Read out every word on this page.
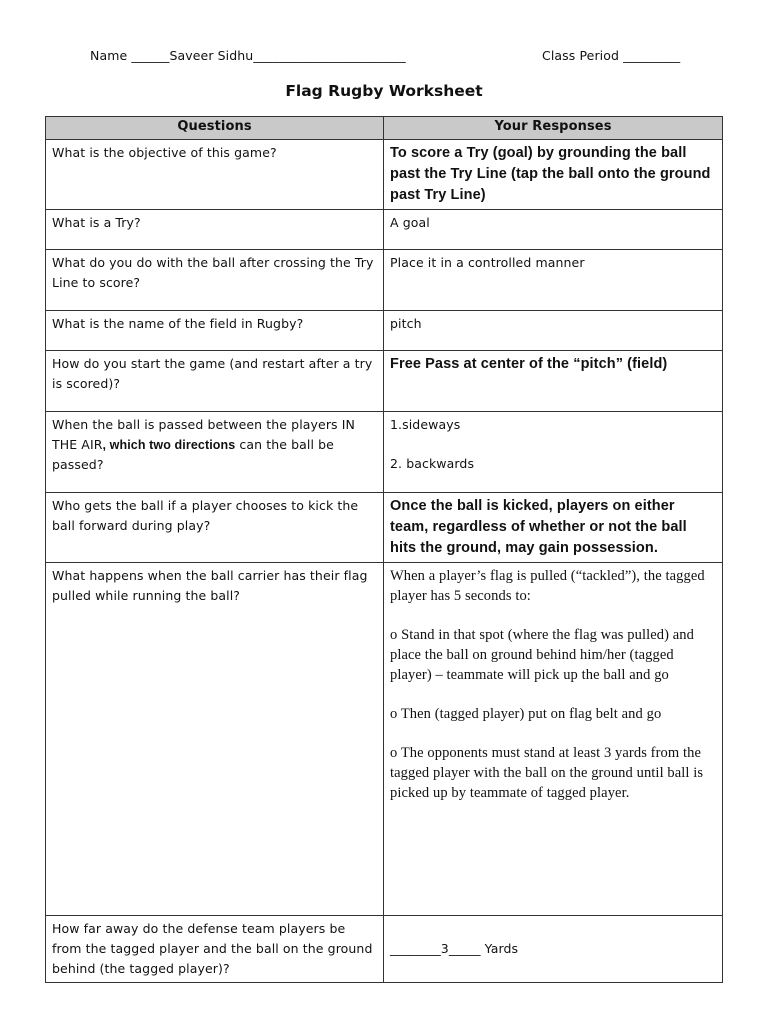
Name ______Saveer Sidhu________________________	Class Period _________
Flag Rugby Worksheet
Questions	Your Responses
What is the objective of this game?	To score a Try (goal) by grounding the ball past the Try Line (tap the ball onto the ground past Try Line)
What is a Try?	A goal
What do you do with the ball after crossing the Try Line to score?	Place it in a controlled manner
What is the name of the field in Rugby?	pitch
How do you start the game (and restart after a try is scored)?	Free Pass at center of the “pitch” (field)
When the ball is passed between the players IN THE AIR, which two directions can the ball be passed?	1.sideways
2. backwards

Who gets the ball if a player chooses to kick the ball forward during play?	Once the ball is kicked, players on either team, regardless of whether or not the ball hits the ground, may gain possession.
What happens when the ball carrier has their flag pulled while running the ball?	When a player’s flag is pulled (“tackled”), the tagged player has 5 seconds to:

o Stand in that spot (where the flag was pulled) and place the ball on ground behind him/her (tagged player) – teammate will pick up the ball and go

o Then (tagged player) put on flag belt and go

o The opponents must stand at least 3 yards from the tagged player with the ball on the ground until ball is picked up by teammate of tagged player.

How far away do the defense team players be from the tagged player and the ball on the ground behind (the tagged player)?	________3_____ Yards
